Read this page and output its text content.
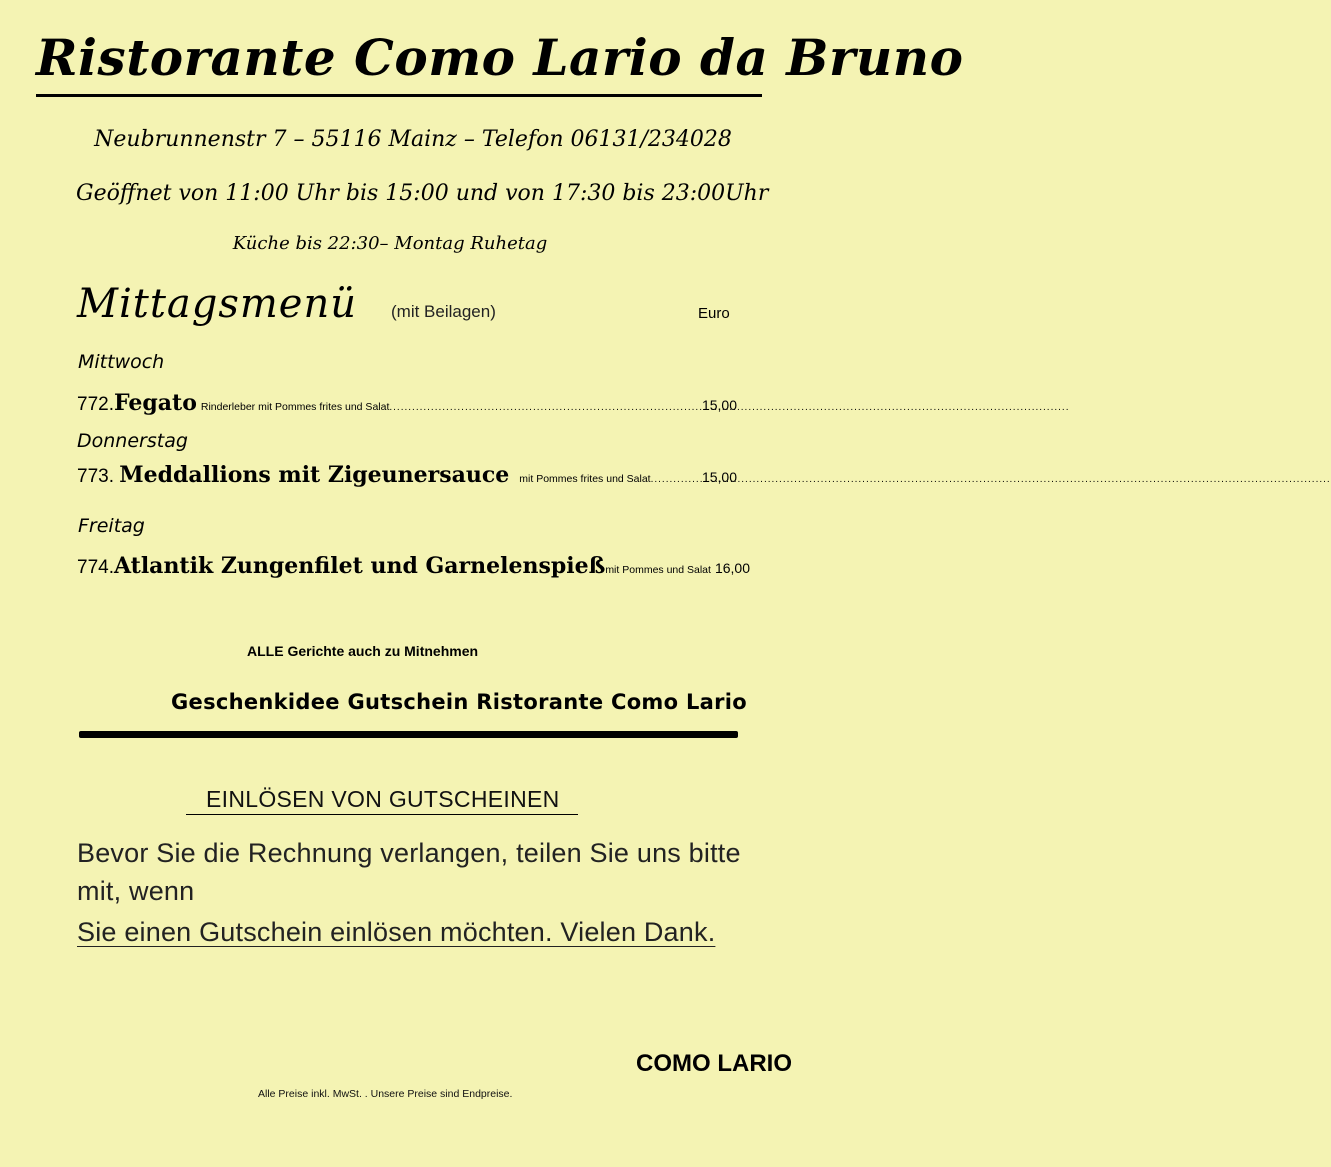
Ristorante Como Lario da Bruno
Neubrunnenstr 7 – 55116 Mainz – Telefon 06131/234028
Geöffnet von 11:00 Uhr bis 15:00 und von 17:30 bis 23:00Uhr
Küche bis 22:30– Montag Ruhetag
Mittagsmenü (mit Beilagen)	Euro
Mittwoch
772. Fegato Rinderleber mit Pommes frites und Salat .....	15,00
Donnerstag
773. Meddallions mit Zigeunersauce mit Pommes frites und Salat .....	15,00
Freitag
774. Atlantik Zungenfilet und Garnelenspieß mit Pommes und Salat 16,00
ALLE Gerichte auch zu Mitnehmen
Geschenkidee Gutschein Ristorante Como Lario
EINLÖSEN VON GUTSCHEINEN
Bevor Sie die Rechnung verlangen, teilen Sie uns bitte mit, wenn
Sie einen Gutschein einlösen möchten. Vielen Dank.
COMO LARIO
Alle Preise inkl. MwSt. . Unsere Preise sind Endpreise.
